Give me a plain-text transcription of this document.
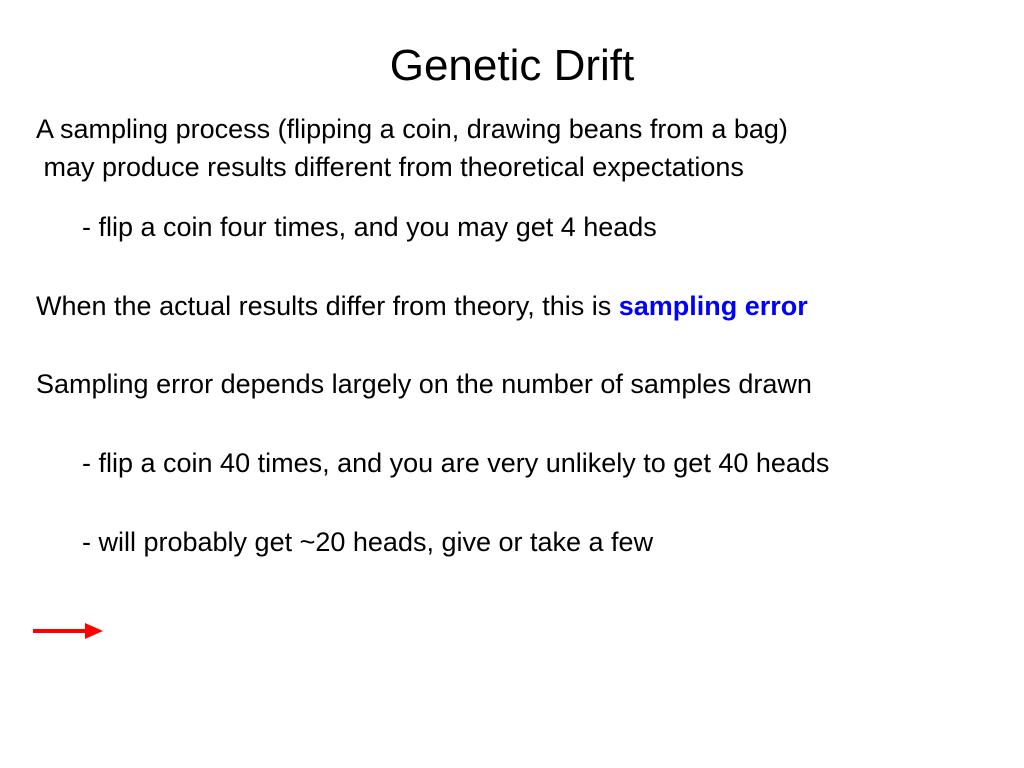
Genetic Drift

A sampling process (flipping a coin, drawing beans from a bag)

may produce results different from theoretical expectations

- flip a coin four times, and you may get 4 heads

When the actual results differ from theory, this is sampling error

Sampling error depends largely on the number of samples drawn

- flip a coin 40 times, and you are very unlikely to get 40 heads

- will probably get ~20 heads, give or take a few
